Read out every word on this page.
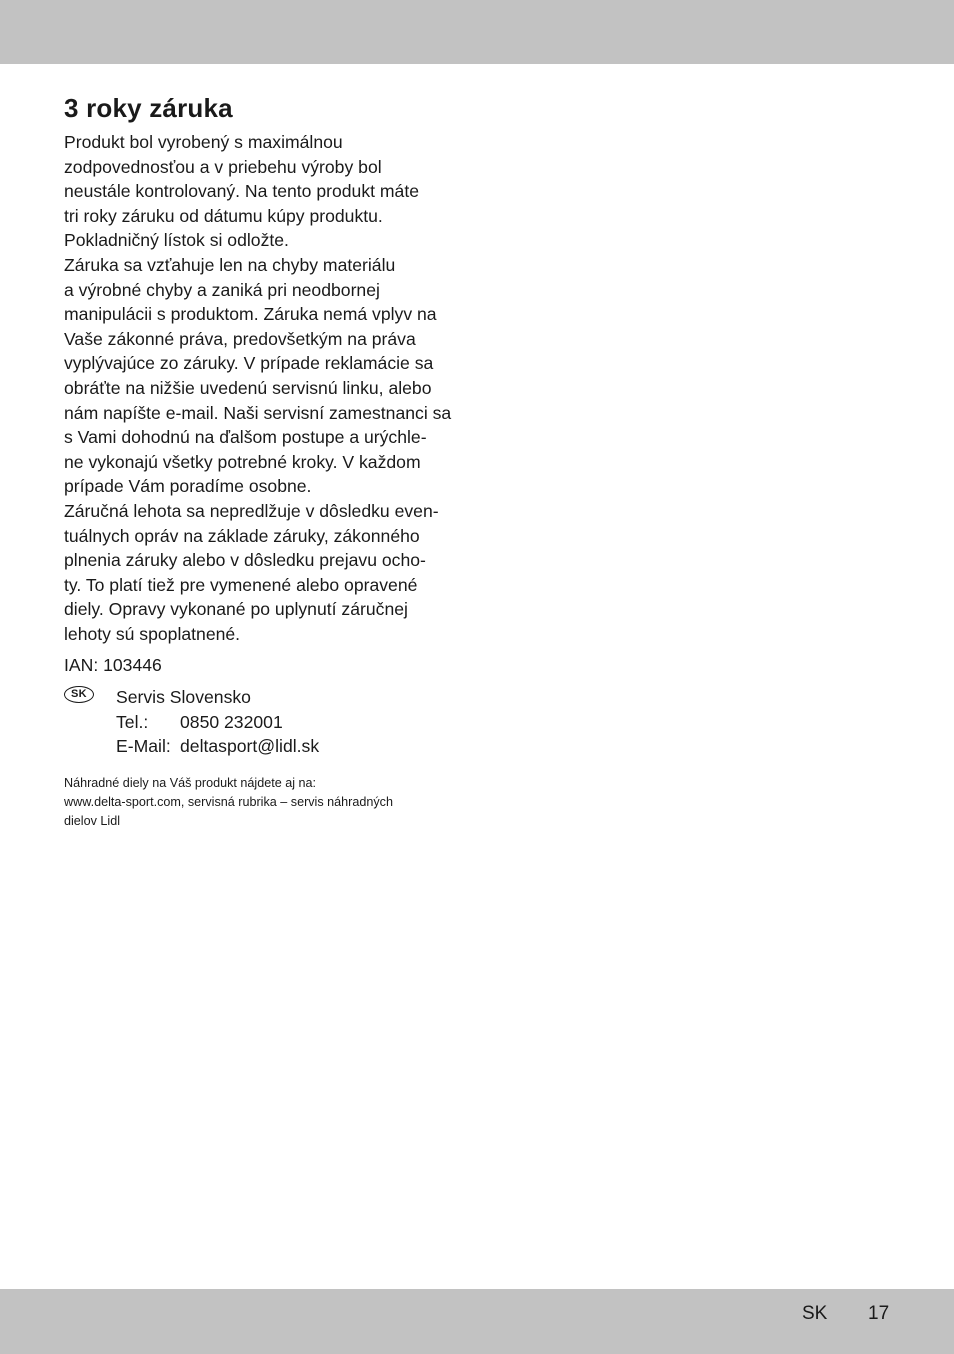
3 roky záruka
Produkt bol vyrobený s maximálnou
zodpovednosťou a v priebehu výroby bol
neustále kontrolovaný. Na tento produkt máte
tri roky záruku od dátumu kúpy produktu.
Pokladničný lístok si odložte.
Záruka sa vzťahuje len na chyby materiálu
a výrobné chyby a zaniká pri neodbornej
manipulácii s produktom. Záruka nemá vplyv na
Vaše zákonné práva, predovšetkým na práva
vyplývajúce zo záruky. V prípade reklamácie sa
obráťte na nižšie uvedenú servisnú linku, alebo
nám napíšte e-mail. Naši servisní zamestnanci sa
s Vami dohodnú na ďalšom postupe a urýchle-
ne vykonajú všetky potrebné kroky. V každom
prípade Vám poradíme osobne.
Záručná lehota sa nepredlžuje v dôsledku even-
tuálnych opráv na základe záruky, zákonného
plnenia záruky alebo v dôsledku prejavu ocho-
ty. To platí tiež pre vymenené alebo opravené
diely. Opravy vykonané po uplynutí záručnej
lehoty sú spoplatnené.

IAN: 103446

SK	Servis Slovensko
Tel.: 0850 232001
E-Mail: deltasport@lidl.sk
Náhradné diely na Váš produkt nájdete aj na:
www.delta-sport.com, servisná rubrika – servis náhradných
dielov Lidl
SK 17
